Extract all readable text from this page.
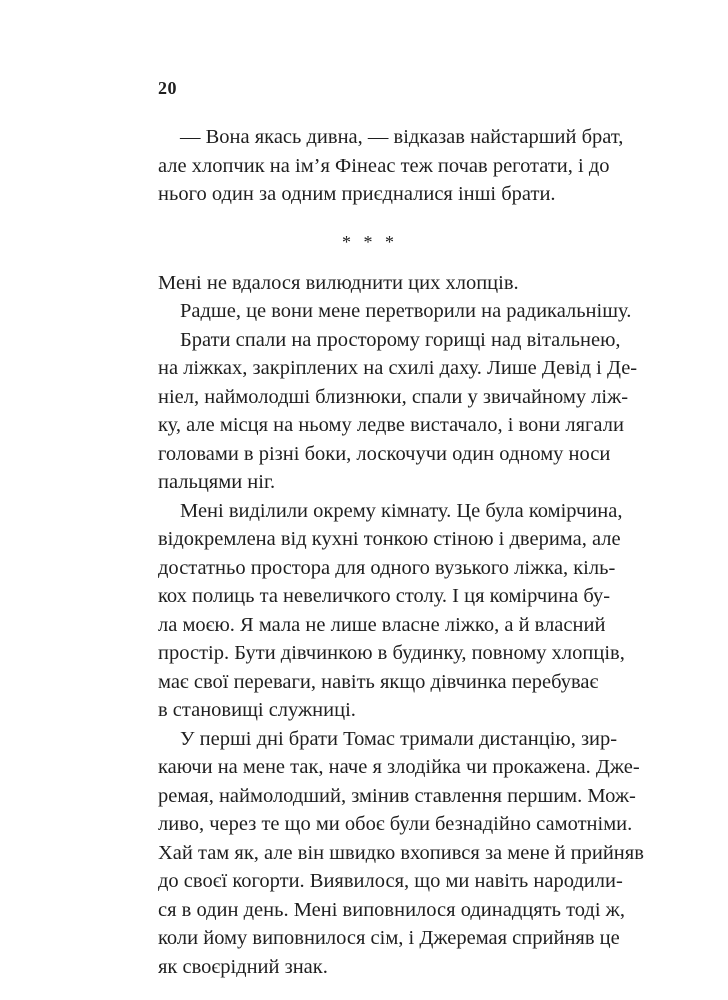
20
— Вона якась дивна, — відказав найстарший брат,
але хлопчик на ім’я Фінеас теж почав реготати, і до
нього один за одним приєдналися інші брати.
* * *
Мені не вдалося вилюднити цих хлопців.
Радше, це вони мене перетворили на радикальнішу.
Брати спали на просторому горищі над вітальнею,
на ліжках, закріплених на схилі даху. Лише Девід і Де-
ніел, наймолодші близнюки, спали у звичайному ліж-
ку, але місця на ньому ледве вистачало, і вони лягали
головами в різні боки, лоскочучи один одному носи
пальцями ніг.
Мені виділили окрему кімнату. Це була комірчина,
відокремлена від кухні тонкою стіною і дверима, але
достатньо простора для одного вузького ліжка, кіль-
кох полиць та невеличкого столу. І ця комірчина бу-
ла моєю. Я мала не лише власне ліжко, а й власний
простір. Бути дівчинкою в будинку, повному хлопців,
має свої переваги, навіть якщо дівчинка перебуває
в становищі служниці.
У перші дні брати Томас тримали дистанцію, зир-
каючи на мене так, наче я злодійка чи прокажена. Дже-
ремая, наймолодший, змінив ставлення першим. Мож-
ливо, через те що ми обоє були безнадійно самотніми.
Хай там як, але він швидко вхопився за мене й прийняв
до своєї когорти. Виявилося, що ми навіть народили-
ся в один день. Мені виповнилося одинадцять тоді ж,
коли йому виповнилося сім, і Джеремая сприйняв це
як своєрідний знак.
